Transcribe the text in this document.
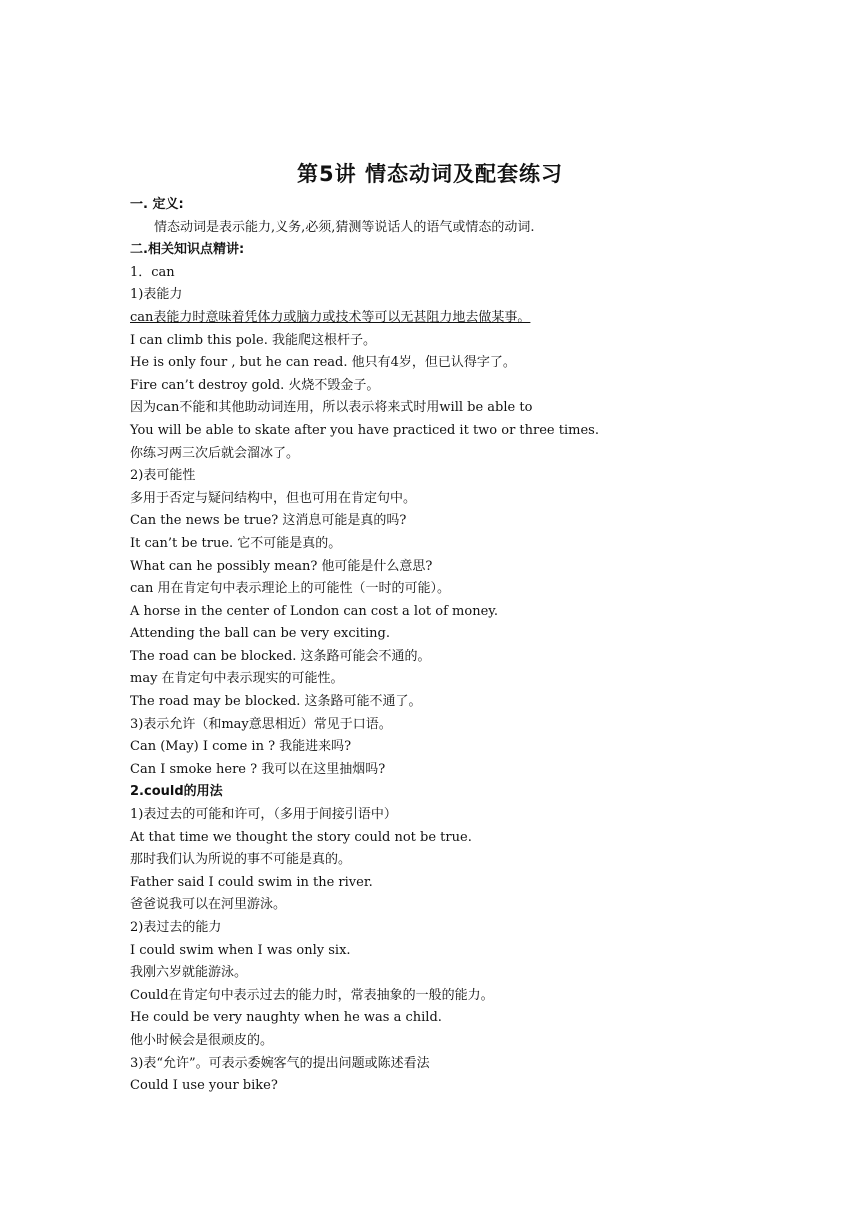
第5讲 情态动词及配套练习
一. 定义:
情态动词是表示能力,义务,必须,猜测等说话人的语气或情态的动词.
二.相关知识点精讲:
1．can
1)表能力
can表能力时意味着凭体力或脑力或技术等可以无甚阻力地去做某事。
I can climb this pole. 我能爬这根杆子。
He is only four , but he can read. 他只有4岁，但已认得字了。
Fire can’t destroy gold. 火烧不毁金子。
因为can不能和其他助动词连用，所以表示将来式时用will be able to
You will be able to skate after you have practiced it two or three times.
你练习两三次后就会溜冰了。
2)表可能性
多用于否定与疑问结构中，但也可用在肯定句中。
Can the news be true? 这消息可能是真的吗?
It can’t be true. 它不可能是真的。
What can he possibly mean? 他可能是什么意思?
can 用在肯定句中表示理论上的可能性（一时的可能）。
A horse in the center of London can cost a lot of money.
Attending the ball can be very exciting.
The road can be blocked. 这条路可能会不通的。
may 在肯定句中表示现实的可能性。
The road may be blocked. 这条路可能不通了。
3)表示允许（和may意思相近）常见于口语。
Can (May) I come in ? 我能进来吗?
Can I smoke here ? 我可以在这里抽烟吗?
2.could的用法
1)表过去的可能和许可，（多用于间接引语中）
At that time we thought the story could not be true.
那时我们认为所说的事不可能是真的。
Father said I could swim in the river.
爸爸说我可以在河里游泳。
2)表过去的能力
I could swim when I was only six.
我刚六岁就能游泳。
Could在肯定句中表示过去的能力时，常表抽象的一般的能力。
He could be very naughty when he was a child.
他小时候会是很顽皮的。
3)表“允许”。可表示委婉客气的提出问题或陈述看法
Could I use your bike?
